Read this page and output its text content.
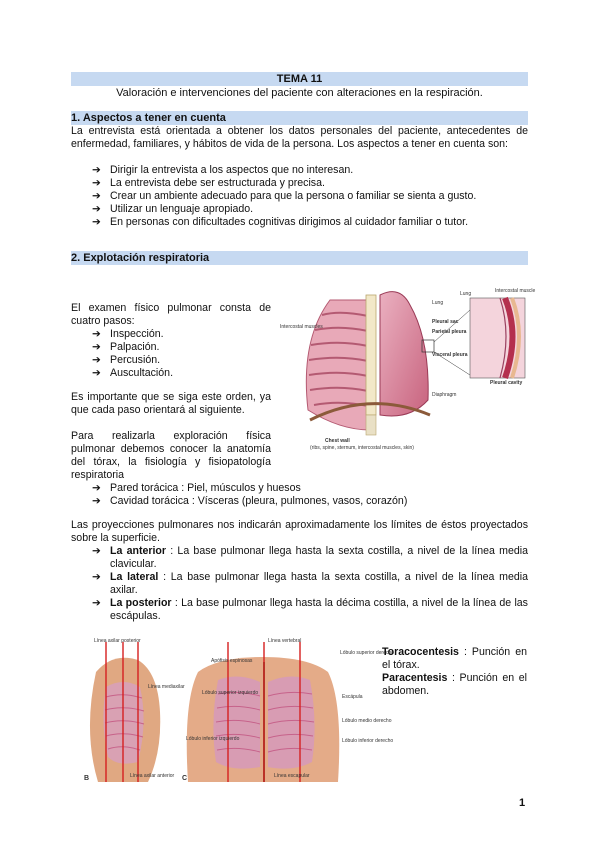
TEMA 11
Valoración e intervenciones del paciente con alteraciones en la respiración.
1. Aspectos a tener en cuenta
La entrevista está orientada a obtener los datos personales del paciente, antecedentes de enfermedad, familiares, y hábitos de vida de la persona. Los aspectos a tener en cuenta son:
➔ Dirigir la entrevista a los aspectos que no interesan.
➔ La entrevista debe ser estructurada y precisa.
➔ Crear un ambiente adecuado para que la persona o familiar se sienta a gusto.
➔ Utilizar un lenguaje apropiado.
➔ En personas con dificultades cognitivas dirigimos al cuidador familiar o tutor.
2. Explotación respiratoria
El examen físico pulmonar consta de cuatro pasos:
➔ Inspección.
➔ Palpación.
➔ Percusión.
➔ Auscultación.
Es importante que se siga este orden, ya que cada paso orientará al siguiente.
Para realizarla exploración física pulmonar debemos conocer la anatomía del tórax, la fisiología y fisiopatología respiratoria
➔ Pared torácica : Piel, músculos y huesos
➔ Cavidad torácica : Vísceras (pleura, pulmones, vasos, corazón)
Lung
Pleural sac
Parietal pleura
Visceral pleura
Intercostal muscles
Lung	Intercostal muscle
Pleural cavity
Diaphragm
Chest wall
(ribs, spine, sternum, intercostal muscles, skin)
Las proyecciones pulmonares nos indicarán aproximadamente los límites de éstos proyectados sobre la superficie.
➔ La anterior : La base pulmonar llega hasta la sexta costilla, a nivel de la línea media clavicular.
➔ La lateral : La base pulmonar llega hasta la sexta costilla, a nivel de la línea media axilar.
➔ La posterior : La base pulmonar llega hasta la décima costilla, a nivel de la línea de las escápulas.
Línea axilar posterior
Línea mediaxilar
Línea axilar anterior
Apófisis espinosas
Línea vertebral
Lóbulo superior izquierdo
Lóbulo superior derecho
Escápula
Lóbulo medio derecho
Lóbulo inferior izquierdo	Lóbulo inferior derecho
Línea escapular
B	C
Toracocentesis : Punción en el tórax.
Paracentesis : Punción en el abdomen.
1
